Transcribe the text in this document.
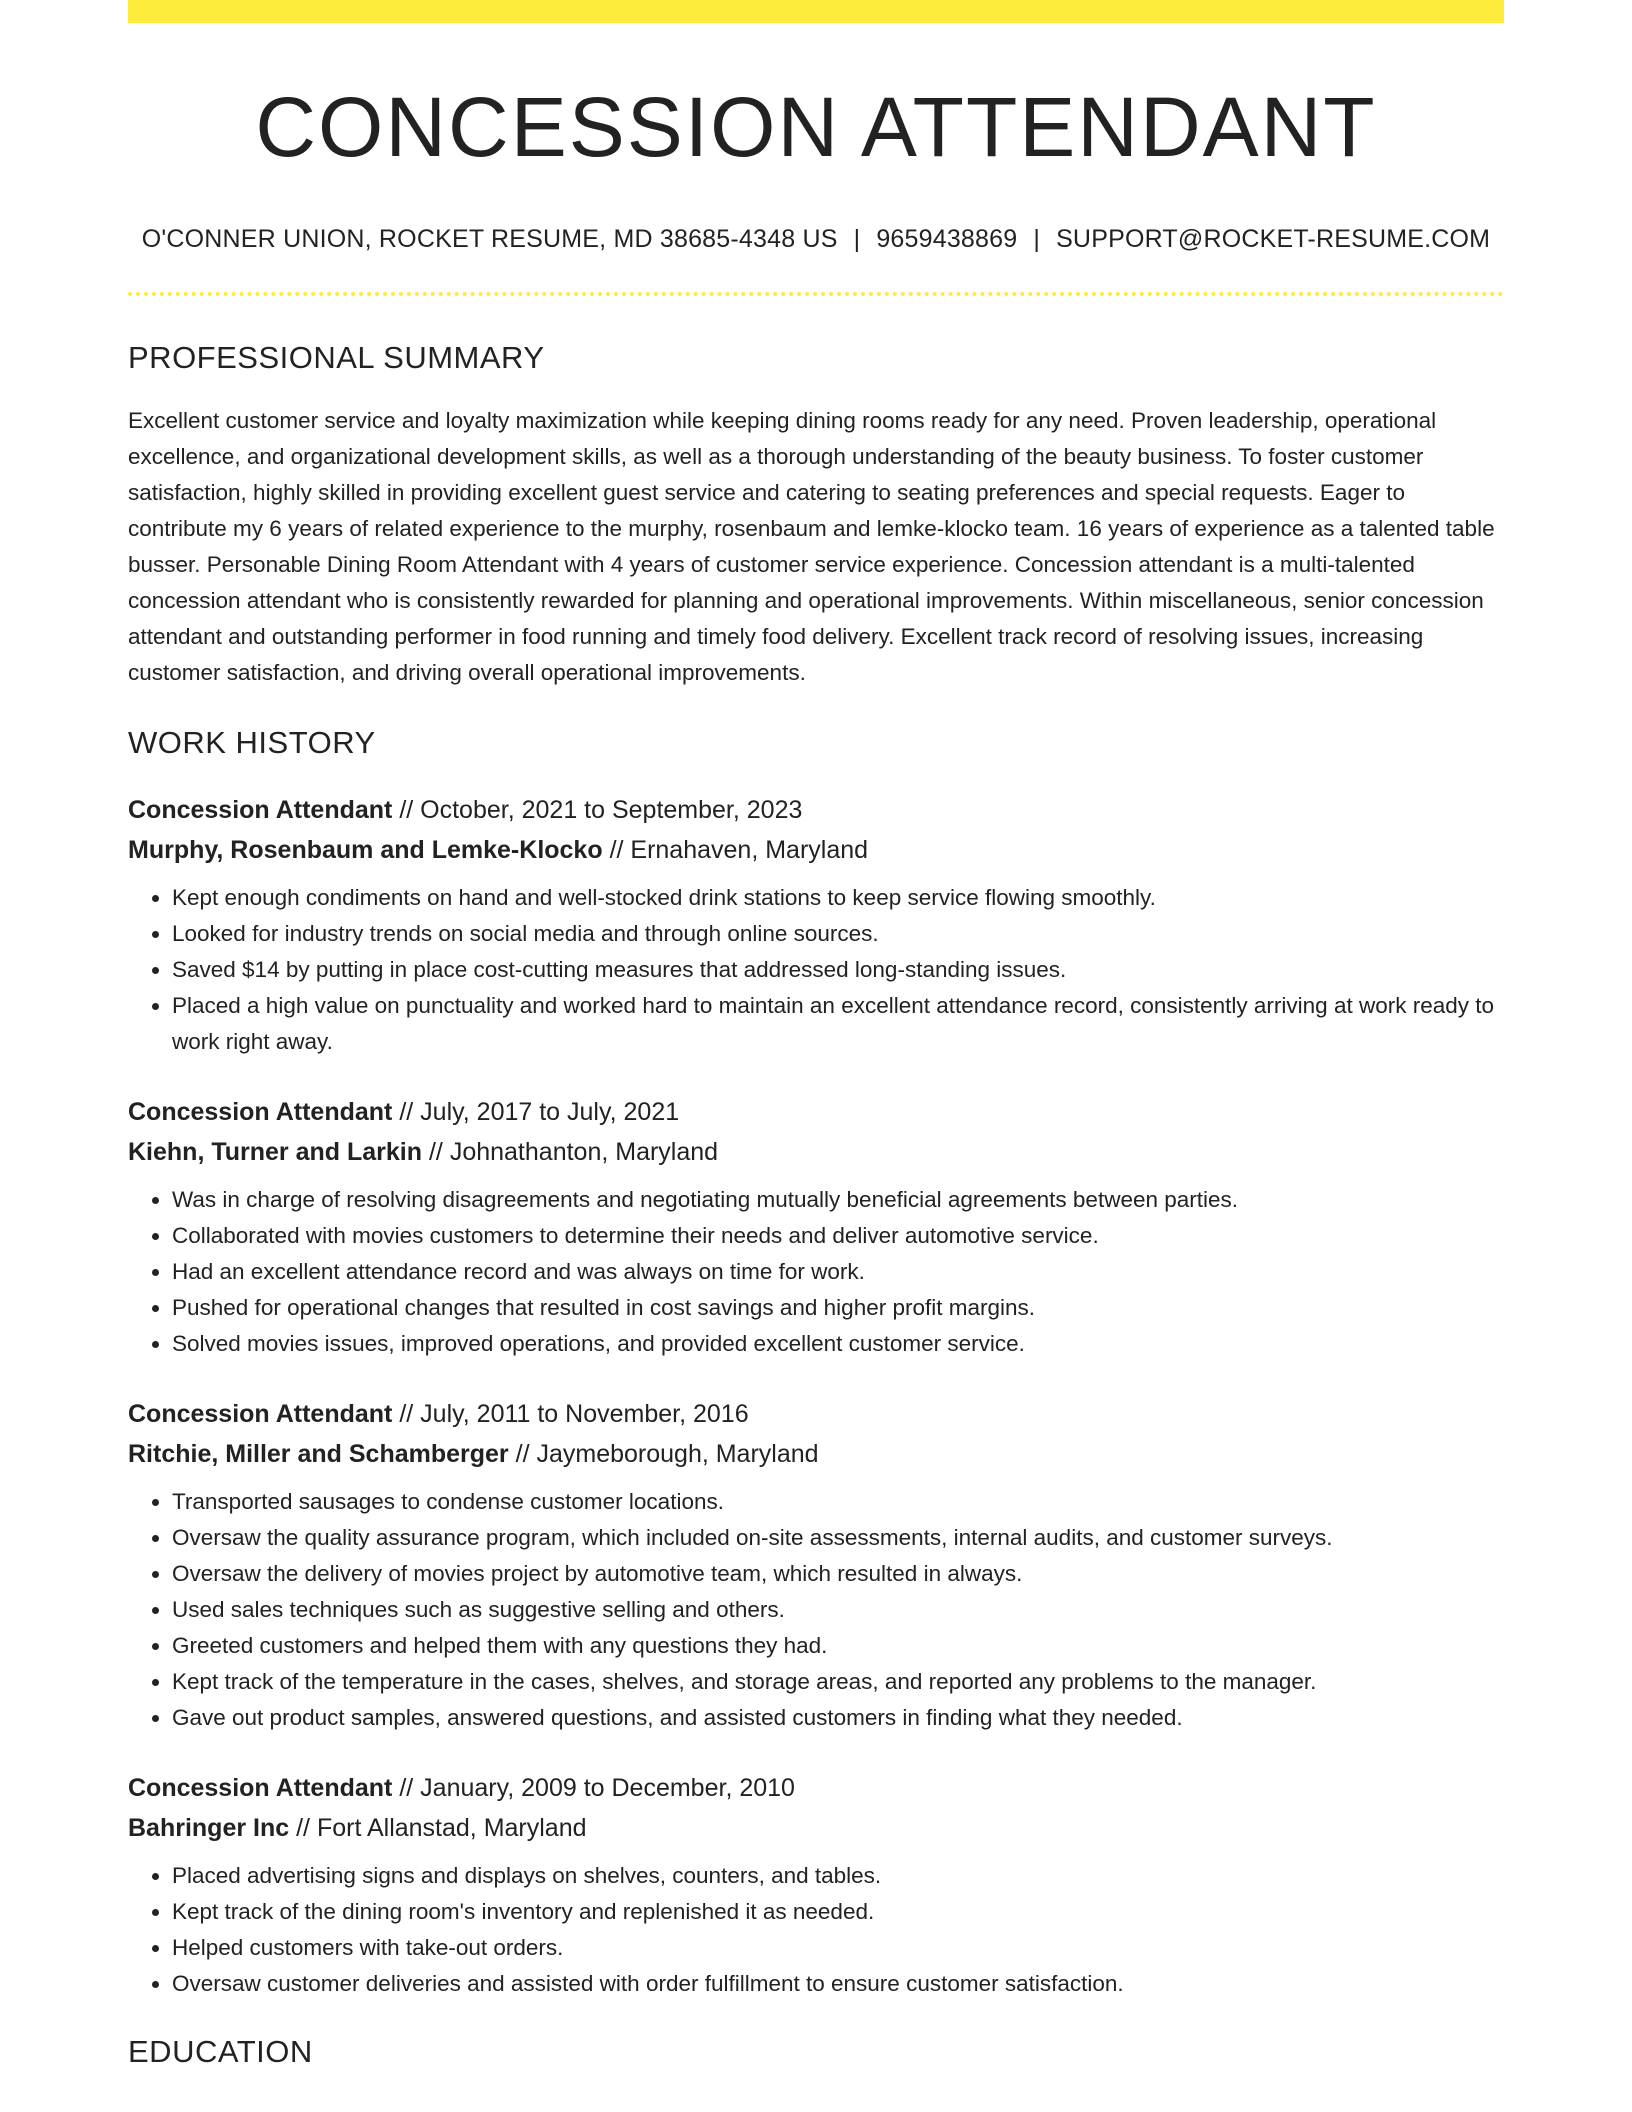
CONCESSION ATTENDANT
O'CONNER UNION, ROCKET RESUME, MD 38685-4348 US | 9659438869 | SUPPORT@ROCKET-RESUME.COM
PROFESSIONAL SUMMARY

Excellent customer service and loyalty maximization while keeping dining rooms ready for any need. Proven leadership, operational excellence, and organizational development skills, as well as a thorough understanding of the beauty business. To foster customer satisfaction, highly skilled in providing excellent guest service and catering to seating preferences and special requests. Eager to contribute my 6 years of related experience to the murphy, rosenbaum and lemke-klocko team. 16 years of experience as a talented table busser. Personable Dining Room Attendant with 4 years of customer service experience. Concession attendant is a multi-talented concession attendant who is consistently rewarded for planning and operational improvements. Within miscellaneous, senior concession attendant and outstanding performer in food running and timely food delivery. Excellent track record of resolving issues, increasing customer satisfaction, and driving overall operational improvements.

WORK HISTORY
Concession Attendant // October, 2021 to September, 2023
Murphy, Rosenbaum and Lemke-Klocko // Ernahaven, Maryland
• Kept enough condiments on hand and well-stocked drink stations to keep service flowing smoothly.
• Looked for industry trends on social media and through online sources.
• Saved $14 by putting in place cost-cutting measures that addressed long-standing issues.
• Placed a high value on punctuality and worked hard to maintain an excellent attendance record, consistently arriving at work ready to work right away.
Concession Attendant // July, 2017 to July, 2021
Kiehn, Turner and Larkin // Johnathanton, Maryland
• Was in charge of resolving disagreements and negotiating mutually beneficial agreements between parties.
• Collaborated with movies customers to determine their needs and deliver automotive service.
• Had an excellent attendance record and was always on time for work.
• Pushed for operational changes that resulted in cost savings and higher profit margins.
• Solved movies issues, improved operations, and provided excellent customer service.
Concession Attendant // July, 2011 to November, 2016
Ritchie, Miller and Schamberger // Jaymeborough, Maryland
• Transported sausages to condense customer locations.
• Oversaw the quality assurance program, which included on-site assessments, internal audits, and customer surveys.
• Oversaw the delivery of movies project by automotive team, which resulted in always.
• Used sales techniques such as suggestive selling and others.
• Greeted customers and helped them with any questions they had.
• Kept track of the temperature in the cases, shelves, and storage areas, and reported any problems to the manager.
• Gave out product samples, answered questions, and assisted customers in finding what they needed.
Concession Attendant // January, 2009 to December, 2010
Bahringer Inc // Fort Allanstad, Maryland
• Placed advertising signs and displays on shelves, counters, and tables.
• Kept track of the dining room's inventory and replenished it as needed.
• Helped customers with take-out orders.
• Oversaw customer deliveries and assisted with order fulfillment to ensure customer satisfaction.
EDUCATION
